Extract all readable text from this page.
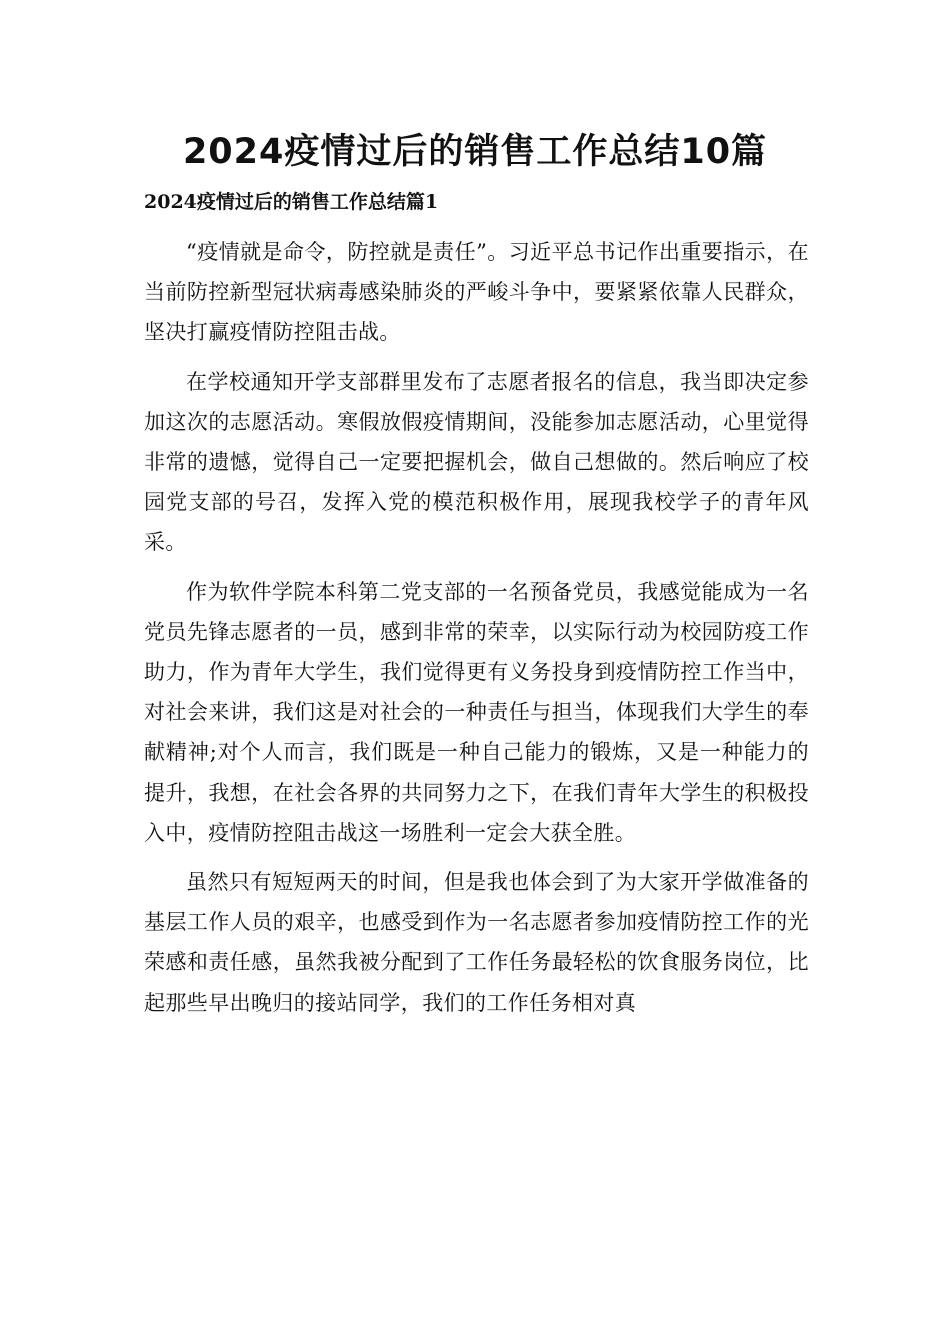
2024疫情过后的销售工作总结10篇
2024疫情过后的销售工作总结篇1

“疫情就是命令，防控就是责任”。习近平总书记作出重要指示，在当前防控新型冠状病毒感染肺炎的严峻斗争中，要紧紧依靠人民群众，坚决打赢疫情防控阻击战。

在学校通知开学支部群里发布了志愿者报名的信息，我当即决定参加这次的志愿活动。寒假放假疫情期间，没能参加志愿活动，心里觉得非常的遗憾，觉得自己一定要把握机会，做自己想做的。然后响应了校园党支部的号召，发挥入党的模范积极作用，展现我校学子的青年风采。

作为软件学院本科第二党支部的一名预备党员，我感觉能成为一名党员先锋志愿者的一员，感到非常的荣幸，以实际行动为校园防疫工作助力，作为青年大学生，我们觉得更有义务投身到疫情防控工作当中，对社会来讲，我们这是对社会的一种责任与担当，体现我们大学生的奉献精神;对个人而言，我们既是一种自己能力的锻炼，又是一种能力的提升，我想，在社会各界的共同努力之下，在我们青年大学生的积极投入中，疫情防控阻击战这一场胜利一定会大获全胜。

虽然只有短短两天的时间，但是我也体会到了为大家开学做准备的基层工作人员的艰辛，也感受到作为一名志愿者参加疫情防控工作的光荣感和责任感，虽然我被分配到了工作任务最轻松的饮食服务岗位，比起那些早出晚归的接站同学，我们的工作任务相对真
